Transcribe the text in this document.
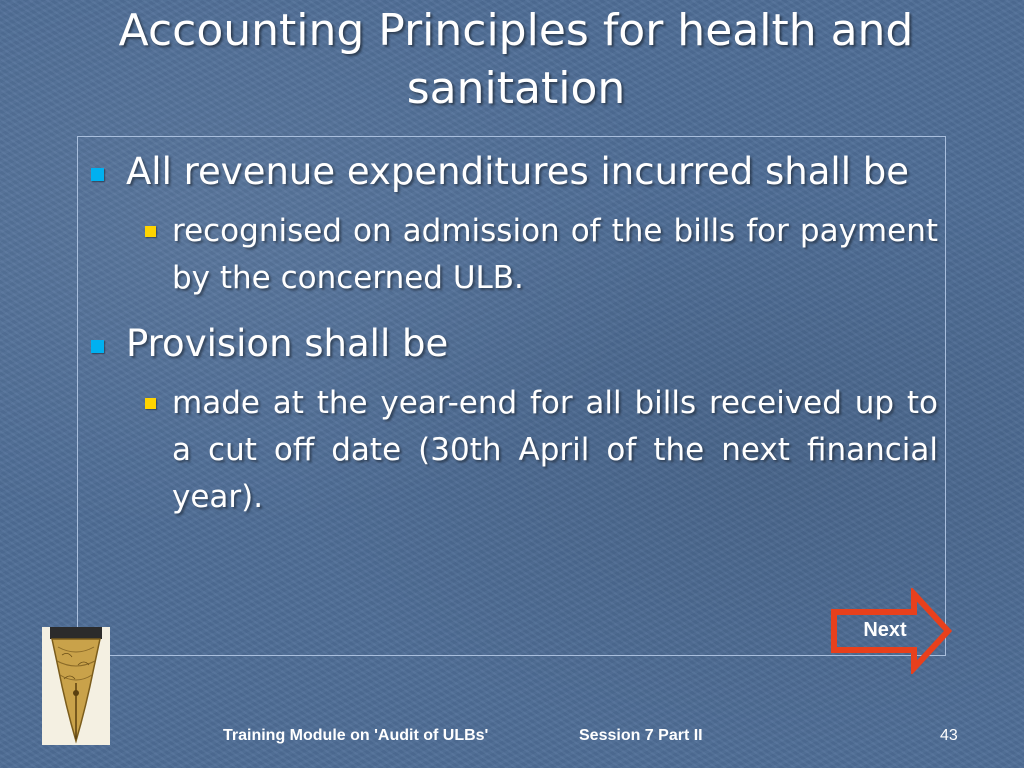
Accounting Principles for health and sanitation
All revenue expenditures incurred shall be
recognised on admission of the bills for payment by the concerned ULB.
Provision shall be
made at the year-end for all bills received up to a cut off date (30th April of the next financial year).
Next
Training Module on 'Audit of ULBs'	Session 7 Part II	43
